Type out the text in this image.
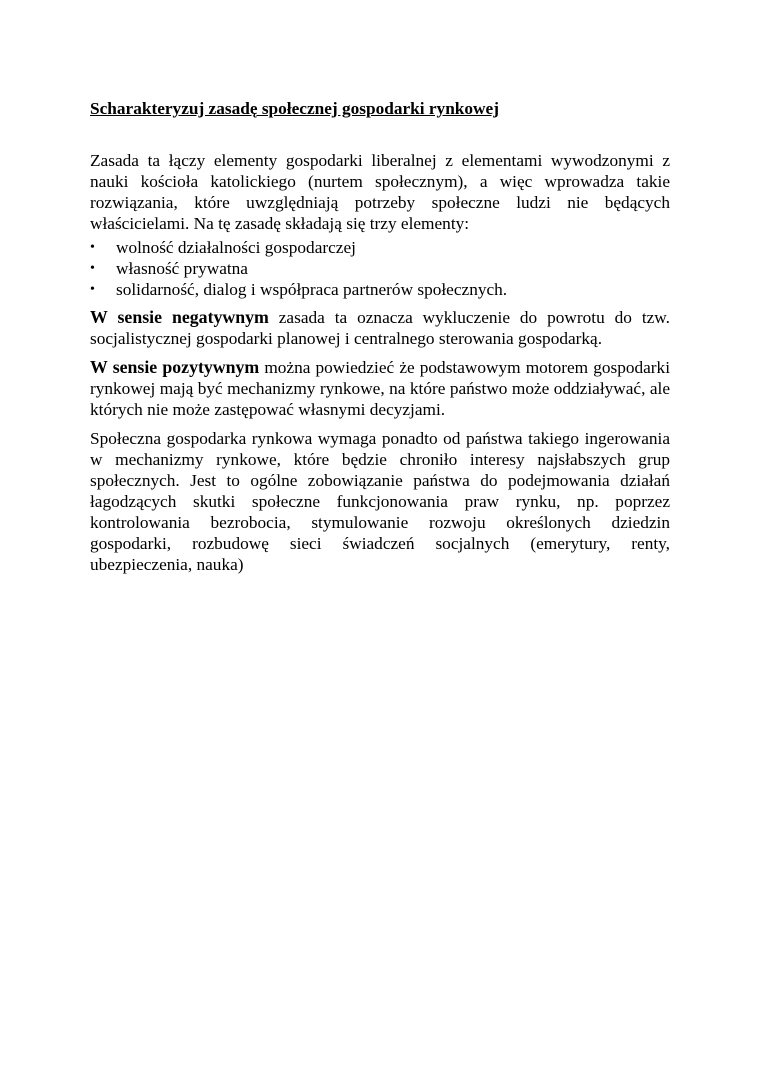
Scharakteryzuj zasadę społecznej gospodarki rynkowej

Zasada ta łączy elementy gospodarki liberalnej z elementami wywodzonymi z nauki kościoła katolickiego (nurtem społecznym), a więc wprowadza takie rozwiązania, które uwzględniają potrzeby społeczne ludzi nie będących właścicielami. Na tę zasadę składają się trzy elementy:

• wolność działalności gospodarczej
• własność prywatna
• solidarność, dialog i współpraca partnerów społecznych.

W sensie negatywnym zasada ta oznacza wykluczenie do powrotu do tzw. socjalistycznej gospodarki planowej i centralnego sterowania gospodarką.

W sensie pozytywnym można powiedzieć że podstawowym motorem gospodarki rynkowej mają być mechanizmy rynkowe, na które państwo może oddziaływać, ale których nie może zastępować własnymi decyzjami.

Społeczna gospodarka rynkowa wymaga ponadto od państwa takiego ingerowania w mechanizmy rynkowe, które będzie chroniło interesy najsłabszych grup społecznych. Jest to ogólne zobowiązanie państwa do podejmowania działań łagodzących skutki społeczne funkcjonowania praw rynku, np. poprzez kontrolowania bezrobocia, stymulowanie rozwoju określonych dziedzin gospodarki, rozbudowę sieci świadczeń socjalnych (emerytury, renty, ubezpieczenia, nauka)
